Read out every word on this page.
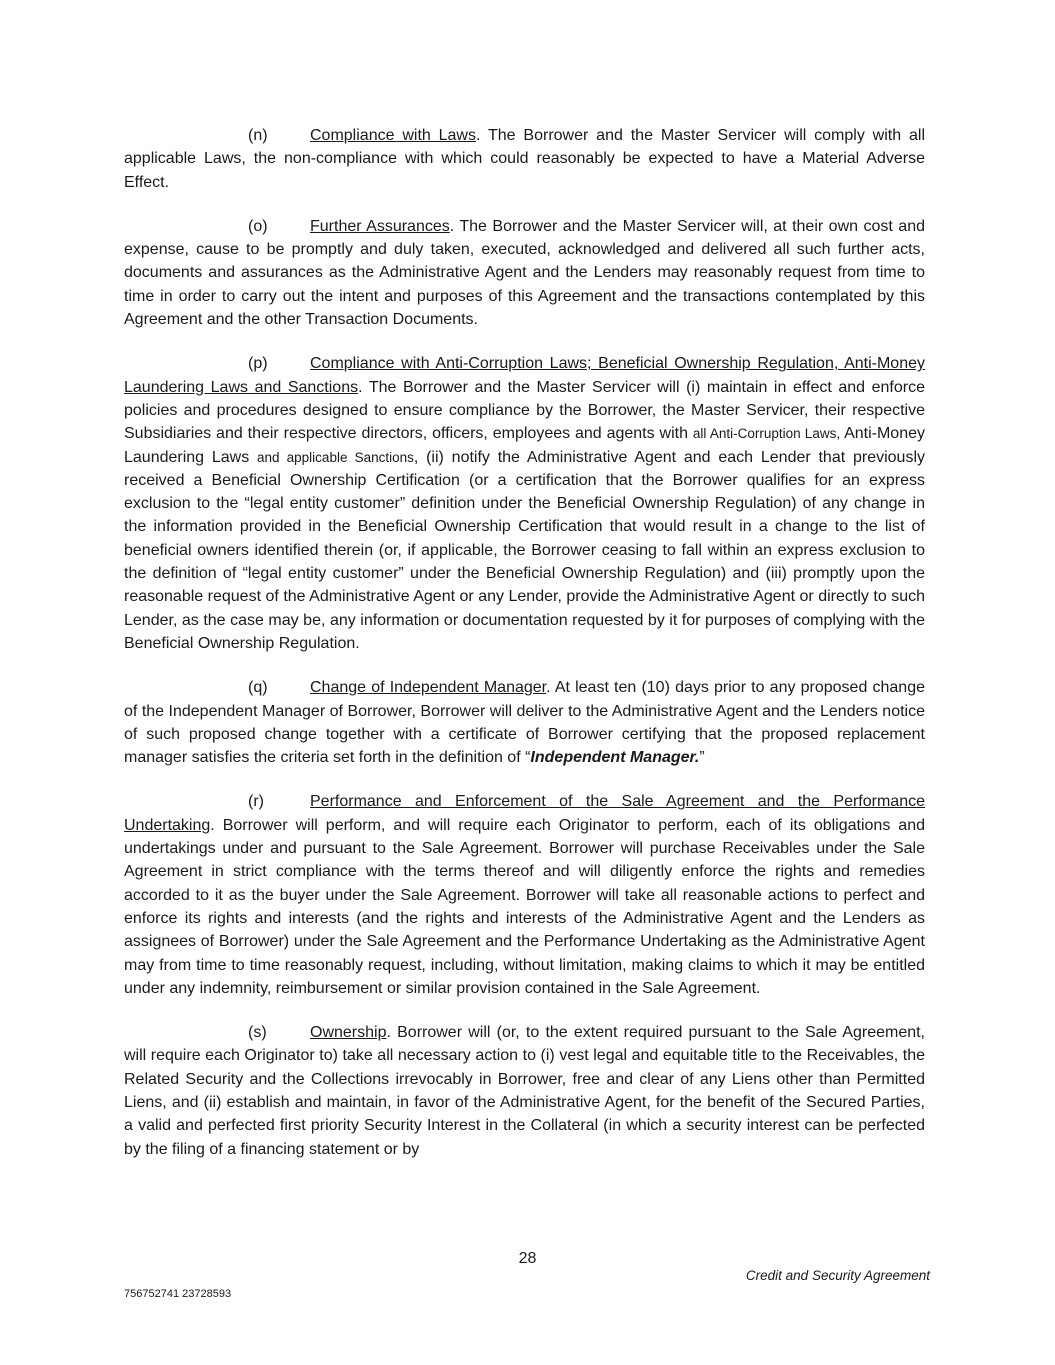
(n)	Compliance with Laws. The Borrower and the Master Servicer will comply with all applicable Laws, the non-compliance with which could reasonably be expected to have a Material Adverse Effect.

(o)	Further Assurances. The Borrower and the Master Servicer will, at their own cost and expense, cause to be promptly and duly taken, executed, acknowledged and delivered all such further acts, documents and assurances as the Administrative Agent and the Lenders may reasonably request from time to time in order to carry out the intent and purposes of this Agreement and the transactions contemplated by this Agreement and the other Transaction Documents.

(p)	Compliance with Anti-Corruption Laws; Beneficial Ownership Regulation, Anti-Money Laundering Laws and Sanctions. The Borrower and the Master Servicer will (i) maintain in effect and enforce policies and procedures designed to ensure compliance by the Borrower, the Master Servicer, their respective Subsidiaries and their respective directors, officers, employees and agents with all Anti-Corruption Laws, Anti-Money Laundering Laws and applicable Sanctions, (ii) notify the Administrative Agent and each Lender that previously received a Beneficial Ownership Certification (or a certification that the Borrower qualifies for an express exclusion to the “legal entity customer” definition under the Beneficial Ownership Regulation) of any change in the information provided in the Beneficial Ownership Certification that would result in a change to the list of beneficial owners identified therein (or, if applicable, the Borrower ceasing to fall within an express exclusion to the definition of “legal entity customer” under the Beneficial Ownership Regulation) and (iii) promptly upon the reasonable request of the Administrative Agent or any Lender, provide the Administrative Agent or directly to such Lender, as the case may be, any information or documentation requested by it for purposes of complying with the Beneficial Ownership Regulation.

(q)	Change of Independent Manager. At least ten (10) days prior to any proposed change of the Independent Manager of Borrower, Borrower will deliver to the Administrative Agent and the Lenders notice of such proposed change together with a certificate of Borrower certifying that the proposed replacement manager satisfies the criteria set forth in the definition of “Independent Manager.”

(r)	Performance and Enforcement of the Sale Agreement and the Performance Undertaking. Borrower will perform, and will require each Originator to perform, each of its obligations and undertakings under and pursuant to the Sale Agreement. Borrower will purchase Receivables under the Sale Agreement in strict compliance with the terms thereof and will diligently enforce the rights and remedies accorded to it as the buyer under the Sale Agreement. Borrower will take all reasonable actions to perfect and enforce its rights and interests (and the rights and interests of the Administrative Agent and the Lenders as assignees of Borrower) under the Sale Agreement and the Performance Undertaking as the Administrative Agent may from time to time reasonably request, including, without limitation, making claims to which it may be entitled under any indemnity, reimbursement or similar provision contained in the Sale Agreement.

(s)	Ownership. Borrower will (or, to the extent required pursuant to the Sale Agreement, will require each Originator to) take all necessary action to (i) vest legal and equitable title to the Receivables, the Related Security and the Collections irrevocably in Borrower, free and clear of any Liens other than Permitted Liens, and (ii) establish and maintain, in favor of the Administrative Agent, for the benefit of the Secured Parties, a valid and perfected first priority Security Interest in the Collateral (in which a security interest can be perfected by the filing of a financing statement or by

28
Credit and Security Agreement
756752741 23728593
